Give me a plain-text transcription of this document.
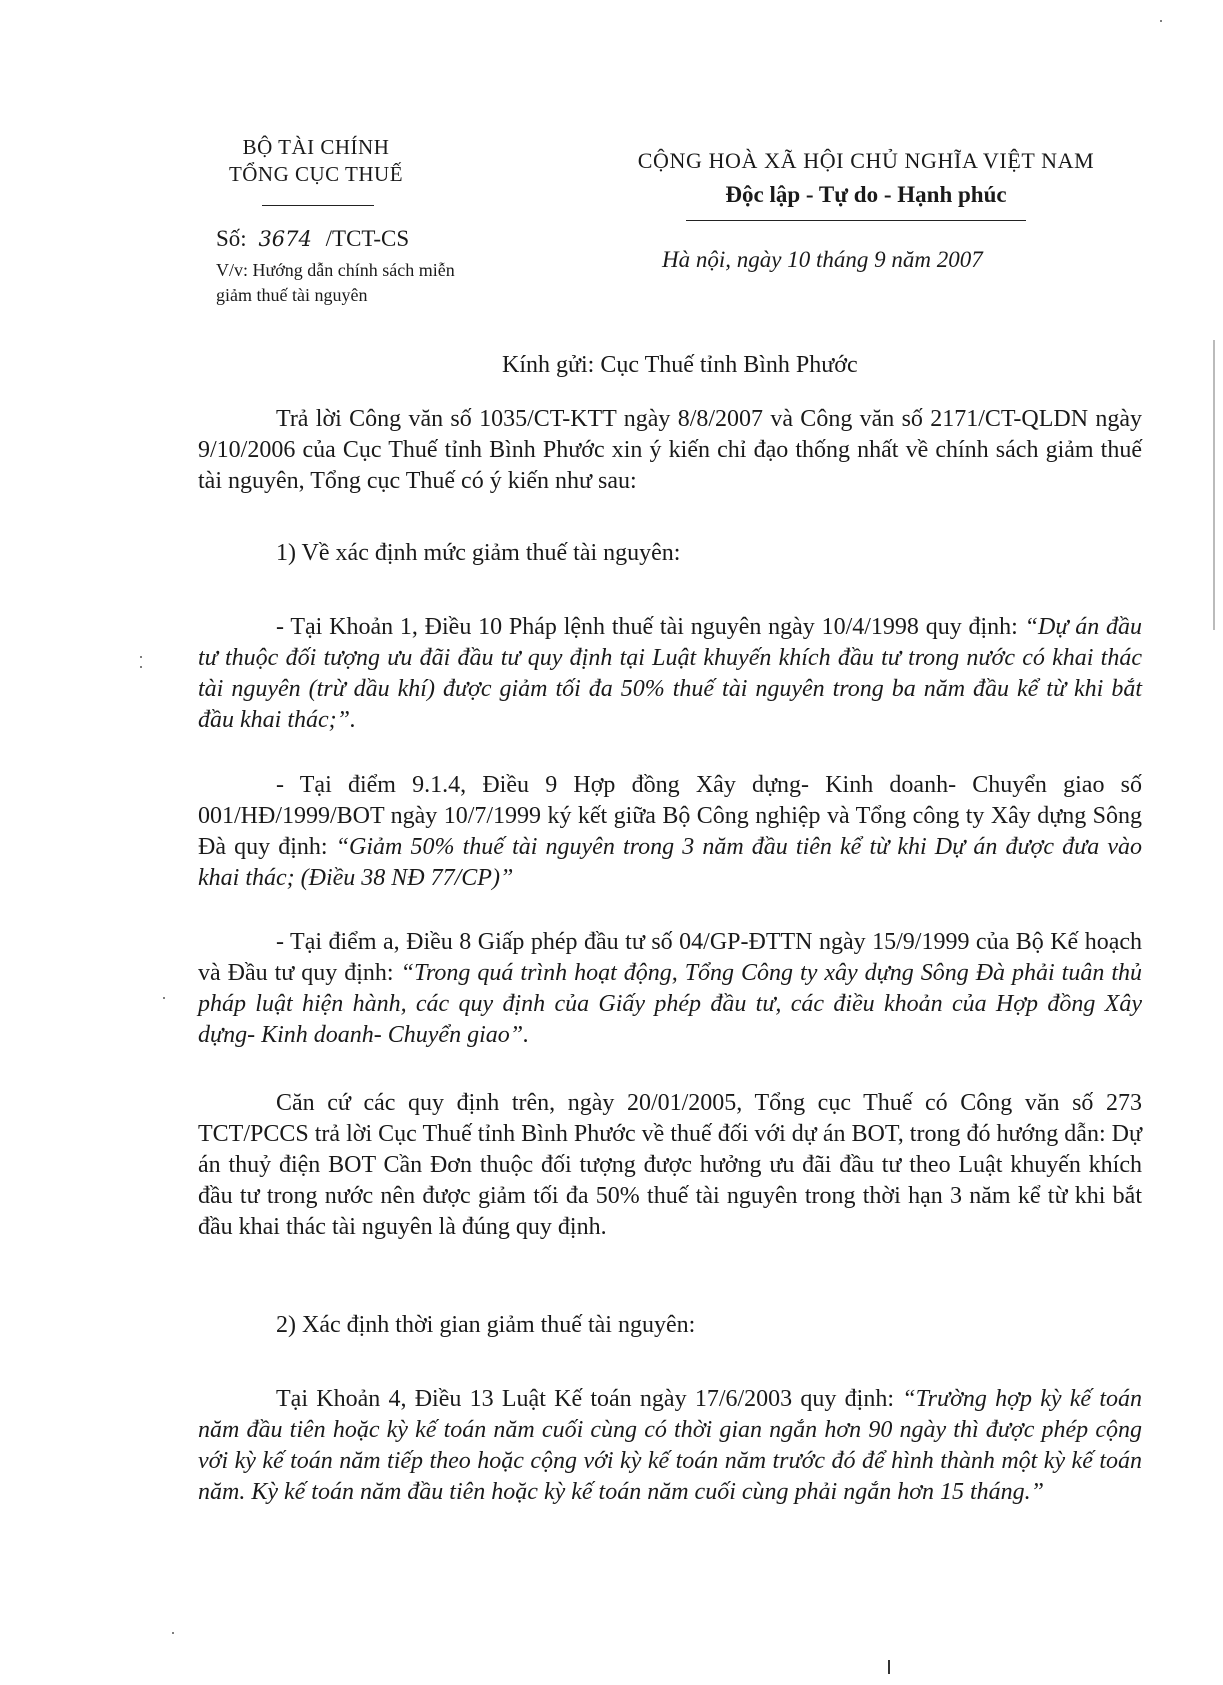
BỘ TÀI CHÍNH
TỔNG CỤC THUẾ
CỘNG HOÀ XÃ HỘI CHỦ NGHĨA VIỆT NAM
Độc lập - Tự do - Hạnh phúc
Số: 3674 /TCT-CS
V/v: Hướng dẫn chính sách miễn
giảm thuế tài nguyên
Hà nội, ngày 10 tháng 9 năm 2007
Kính gửi: Cục Thuế tỉnh Bình Phước

Trả lời Công văn số 1035/CT-KTT ngày 8/8/2007 và Công văn số 2171/CT-QLDN ngày 9/10/2006 của Cục Thuế tỉnh Bình Phước xin ý kiến chỉ đạo thống nhất về chính sách giảm thuế tài nguyên, Tổng cục Thuế có ý kiến như sau:

1) Về xác định mức giảm thuế tài nguyên:

- Tại Khoản 1, Điều 10 Pháp lệnh thuế tài nguyên ngày 10/4/1998 quy định: “Dự án đầu tư thuộc đối tượng ưu đãi đầu tư quy định tại Luật khuyến khích đầu tư trong nước có khai thác tài nguyên (trừ dầu khí) được giảm tối đa 50% thuế tài nguyên trong ba năm đầu kể từ khi bắt đầu khai thác;”.

- Tại điểm 9.1.4, Điều 9 Hợp đồng Xây dựng- Kinh doanh- Chuyển giao số 001/HĐ/1999/BOT ngày 10/7/1999 ký kết giữa Bộ Công nghiệp và Tổng công ty Xây dựng Sông Đà quy định: “Giảm 50% thuế tài nguyên trong 3 năm đầu tiên kể từ khi Dự án được đưa vào khai thác; (Điều 38 NĐ 77/CP)”

- Tại điểm a, Điều 8 Giấp phép đầu tư số 04/GP-ĐTTN ngày 15/9/1999 của Bộ Kế hoạch và Đầu tư quy định: “Trong quá trình hoạt động, Tổng Công ty xây dựng Sông Đà phải tuân thủ pháp luật hiện hành, các quy định của Giấy phép đầu tư, các điều khoản của Hợp đồng Xây dựng- Kinh doanh- Chuyển giao”.

Căn cứ các quy định trên, ngày 20/01/2005, Tổng cục Thuế có Công văn số 273 TCT/PCCS trả lời Cục Thuế tỉnh Bình Phước về thuế đối với dự án BOT, trong đó hướng dẫn: Dự án thuỷ điện BOT Cần Đơn thuộc đối tượng được hưởng ưu đãi đầu tư theo Luật khuyến khích đầu tư trong nước nên được giảm tối đa 50% thuế tài nguyên trong thời hạn 3 năm kể từ khi bắt đầu khai thác tài nguyên là đúng quy định.

2) Xác định thời gian giảm thuế tài nguyên:

Tại Khoản 4, Điều 13 Luật Kế toán ngày 17/6/2003 quy định: “Trường hợp kỳ kế toán năm đầu tiên hoặc kỳ kế toán năm cuối cùng có thời gian ngắn hơn 90 ngày thì được phép cộng với kỳ kế toán năm tiếp theo hoặc cộng với kỳ kế toán năm trước đó để hình thành một kỳ kế toán năm. Kỳ kế toán năm đầu tiên hoặc kỳ kế toán năm cuối cùng phải ngắn hơn 15 tháng.”
